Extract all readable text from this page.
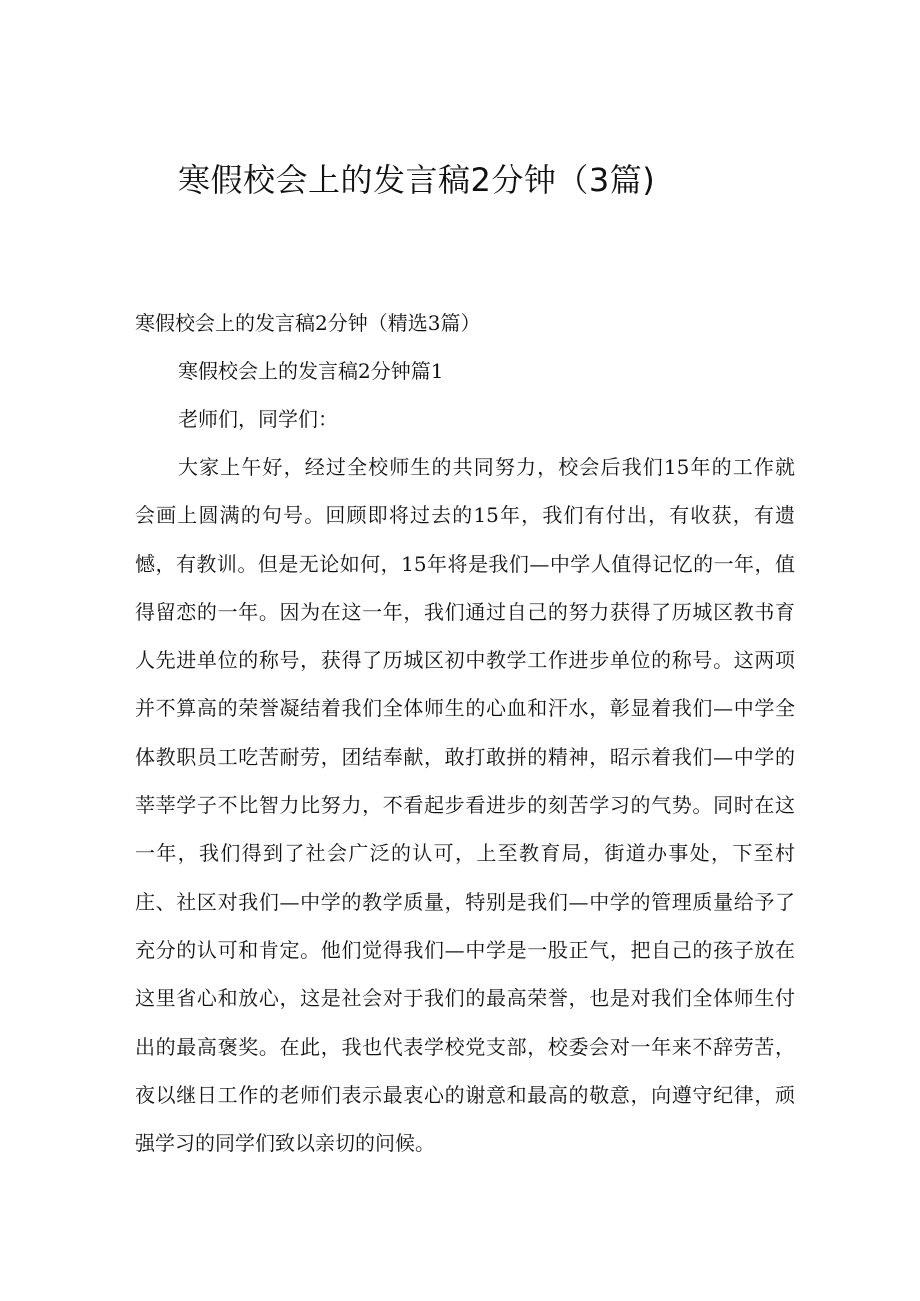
寒假校会上的发言稿2分钟（3篇)
寒假校会上的发言稿2分钟（精选3篇）
寒假校会上的发言稿2分钟篇1
老师们，同学们：
大家上午好，经过全校师生的共同努力，校会后我们15年的工作就
会画上圆满的句号。回顾即将过去的15年，我们有付出，有收获，有遗
憾，有教训。但是无论如何，15年将是我们—中学人值得记忆的一年，值
得留恋的一年。因为在这一年，我们通过自己的努力获得了历城区教书育
人先进单位的称号，获得了历城区初中教学工作进步单位的称号。这两项
并不算高的荣誉凝结着我们全体师生的心血和汗水，彰显着我们—中学全
体教职员工吃苦耐劳，团结奉献，敢打敢拼的精神，昭示着我们—中学的
莘莘学子不比智力比努力，不看起步看进步的刻苦学习的气势。同时在这
一年，我们得到了社会广泛的认可，上至教育局，街道办事处，下至村
庄、社区对我们—中学的教学质量，特别是我们—中学的管理质量给予了
充分的认可和肯定。他们觉得我们—中学是一股正气，把自己的孩子放在
这里省心和放心，这是社会对于我们的最高荣誉，也是对我们全体师生付
出的最高褒奖。在此，我也代表学校党支部，校委会对一年来不辞劳苦，
夜以继日工作的老师们表示最衷心的谢意和最高的敬意，向遵守纪律，顽
强学习的同学们致以亲切的问候。
